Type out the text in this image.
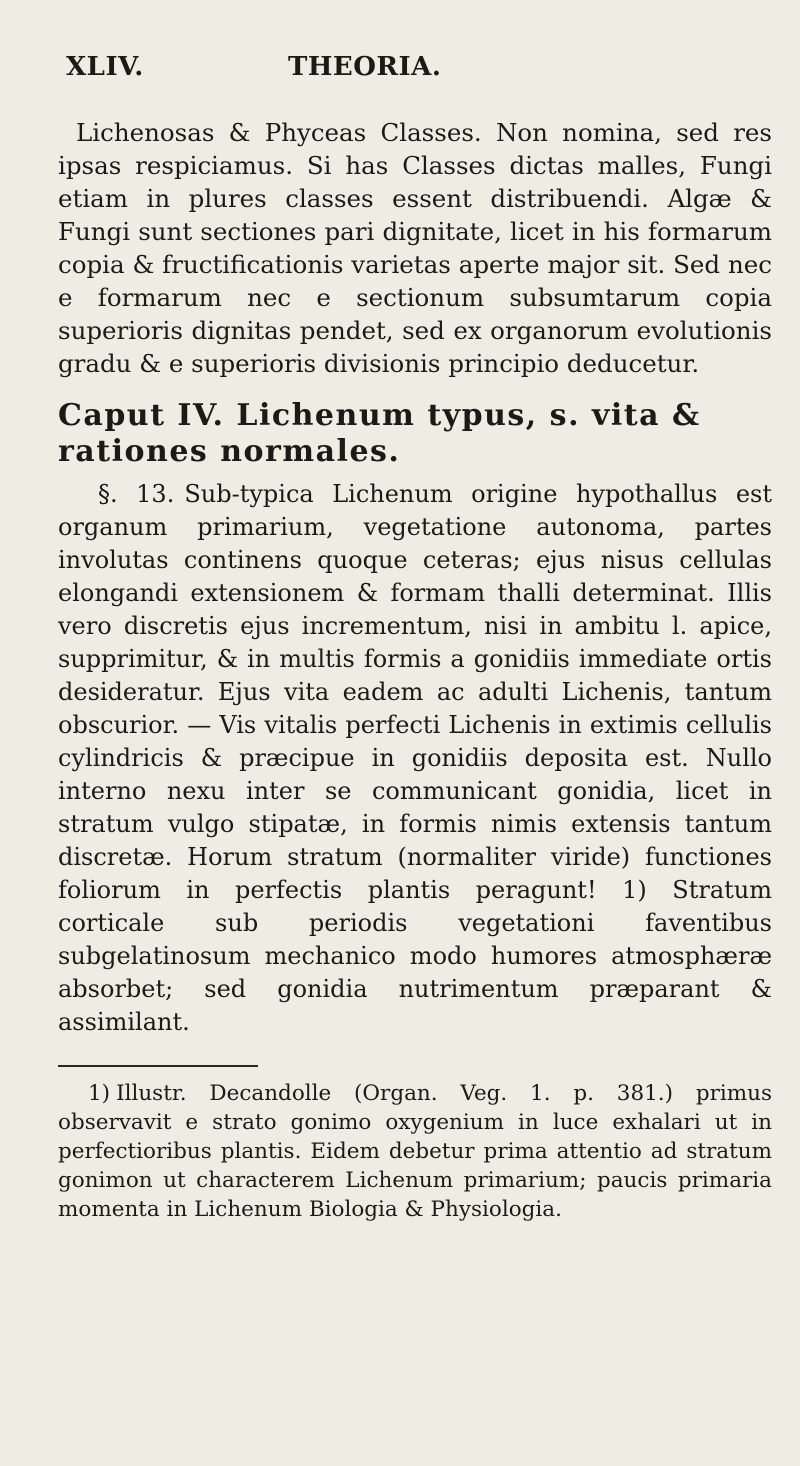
XLIV.	THEORIA.

Lichenosas & Phyceas Classes. Non nomina, sed res ipsas respiciamus. Si has Classes dictas malles, Fungi etiam in plures classes essent distribuendi. Algæ & Fungi sunt sectiones pari dignitate, licet in his formarum copia & fructificationis varietas aperte major sit. Sed nec e formarum nec e sectionum subsumtarum copia superioris dignitas pendet, sed ex organorum evolutionis gradu & e superioris divisionis principio deducetur.

Caput IV. Lichenum typus, s. vita & rationes normales.
§. 13. Sub-typica Lichenum origine hypothallus est organum primarium, vegetatione autonoma, partes involutas continens quoque ceteras; ejus nisus cellulas elongandi extensionem & formam thalli determinat. Illis vero discretis ejus incrementum, nisi in ambitu l. apice, supprimitur, & in multis formis a gonidiis immediate ortis desideratur. Ejus vita eadem ac adulti Lichenis, tantum obscurior. — Vis vitalis perfecti Lichenis in extimis cellulis cylindricis & præcipue in gonidiis deposita est. Nullo interno nexu inter se communicant gonidia, licet in stratum vulgo stipatæ, in formis nimis extensis tantum discretæ. Horum stratum (normaliter viride) functiones foliorum in perfectis plantis peragunt! 1) Stratum corticale sub periodis vegetationi faventibus subgelatinosum mechanico modo humores atmosphæræ absorbet; sed gonidia nutrimentum præparant & assimilant.
1) Illustr. Decandolle (Organ. Veg. 1. p. 381.) primus observavit e strato gonimo oxygenium in luce exhalari ut in perfectioribus plantis. Eidem debetur prima attentio ad stratum gonimon ut characterem Lichenum primarium; paucis primaria momenta in Lichenum Biologia & Physiologia.
